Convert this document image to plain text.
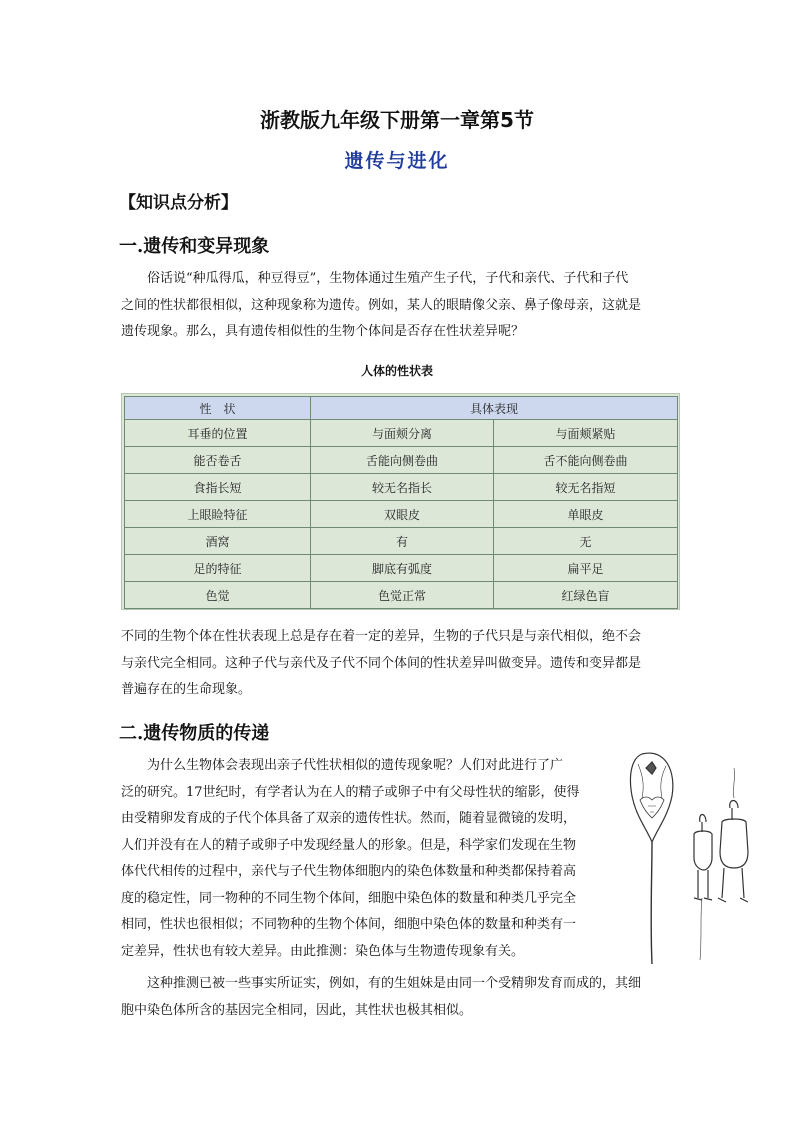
浙教版九年级下册第一章第5节
遗传与进化
【知识点分析】
一.遗传和变异现象

俗话说“种瓜得瓜，种豆得豆”，生物体通过生殖产生子代，子代和亲代、子代和子代

之间的性状都很相似，这种现象称为遗传。例如，某人的眼睛像父亲、鼻子像母亲，这就是

遗传现象。那么，具有遗传相似性的生物个体间是否存在性状差异呢？

人体的性状表
性　状	具体表现	
耳垂的位置	与面颊分离	与面颊紧贴
能否卷舌	舌能向侧卷曲	舌不能向侧卷曲
食指长短	较无名指长	较无名指短
上眼睑特征	双眼皮	单眼皮
酒窝	有	无
足的特征	脚底有弧度	扁平足
色觉	色觉正常	红绿色盲

不同的生物个体在性状表现上总是存在着一定的差异，生物的子代只是与亲代相似，绝不会

与亲代完全相同。这种子代与亲代及子代不同个体间的性状差异叫做变异。遗传和变异都是

普遍存在的生命现象。

二.遗传物质的传递

为什么生物体会表现出亲子代性状相似的遗传现象呢？人们对此进行了广

泛的研究。17世纪时，有学者认为在人的精子或卵子中有父母性状的缩影，使得

由受精卵发育成的子代个体具备了双亲的遗传性状。然而，随着显微镜的发明，

人们并没有在人的精子或卵子中发现经量人的形象。但是，科学家们发现在生物

体代代相传的过程中，亲代与子代生物体细胞内的染色体数量和种类都保持着高

度的稳定性，同一物种的不同生物个体间，细胞中染色体的数量和种类几乎完全

相同，性状也很相似；不同物种的生物个体间，细胞中染色体的数量和种类有一

定差异，性状也有较大差异。由此推测：染色体与生物遗传现象有关。

这种推测已被一些事实所证实，例如，有的生姐妹是由同一个受精卵发育而成的，其细

胞中染色体所含的基因完全相同，因此，其性状也极其相似。
